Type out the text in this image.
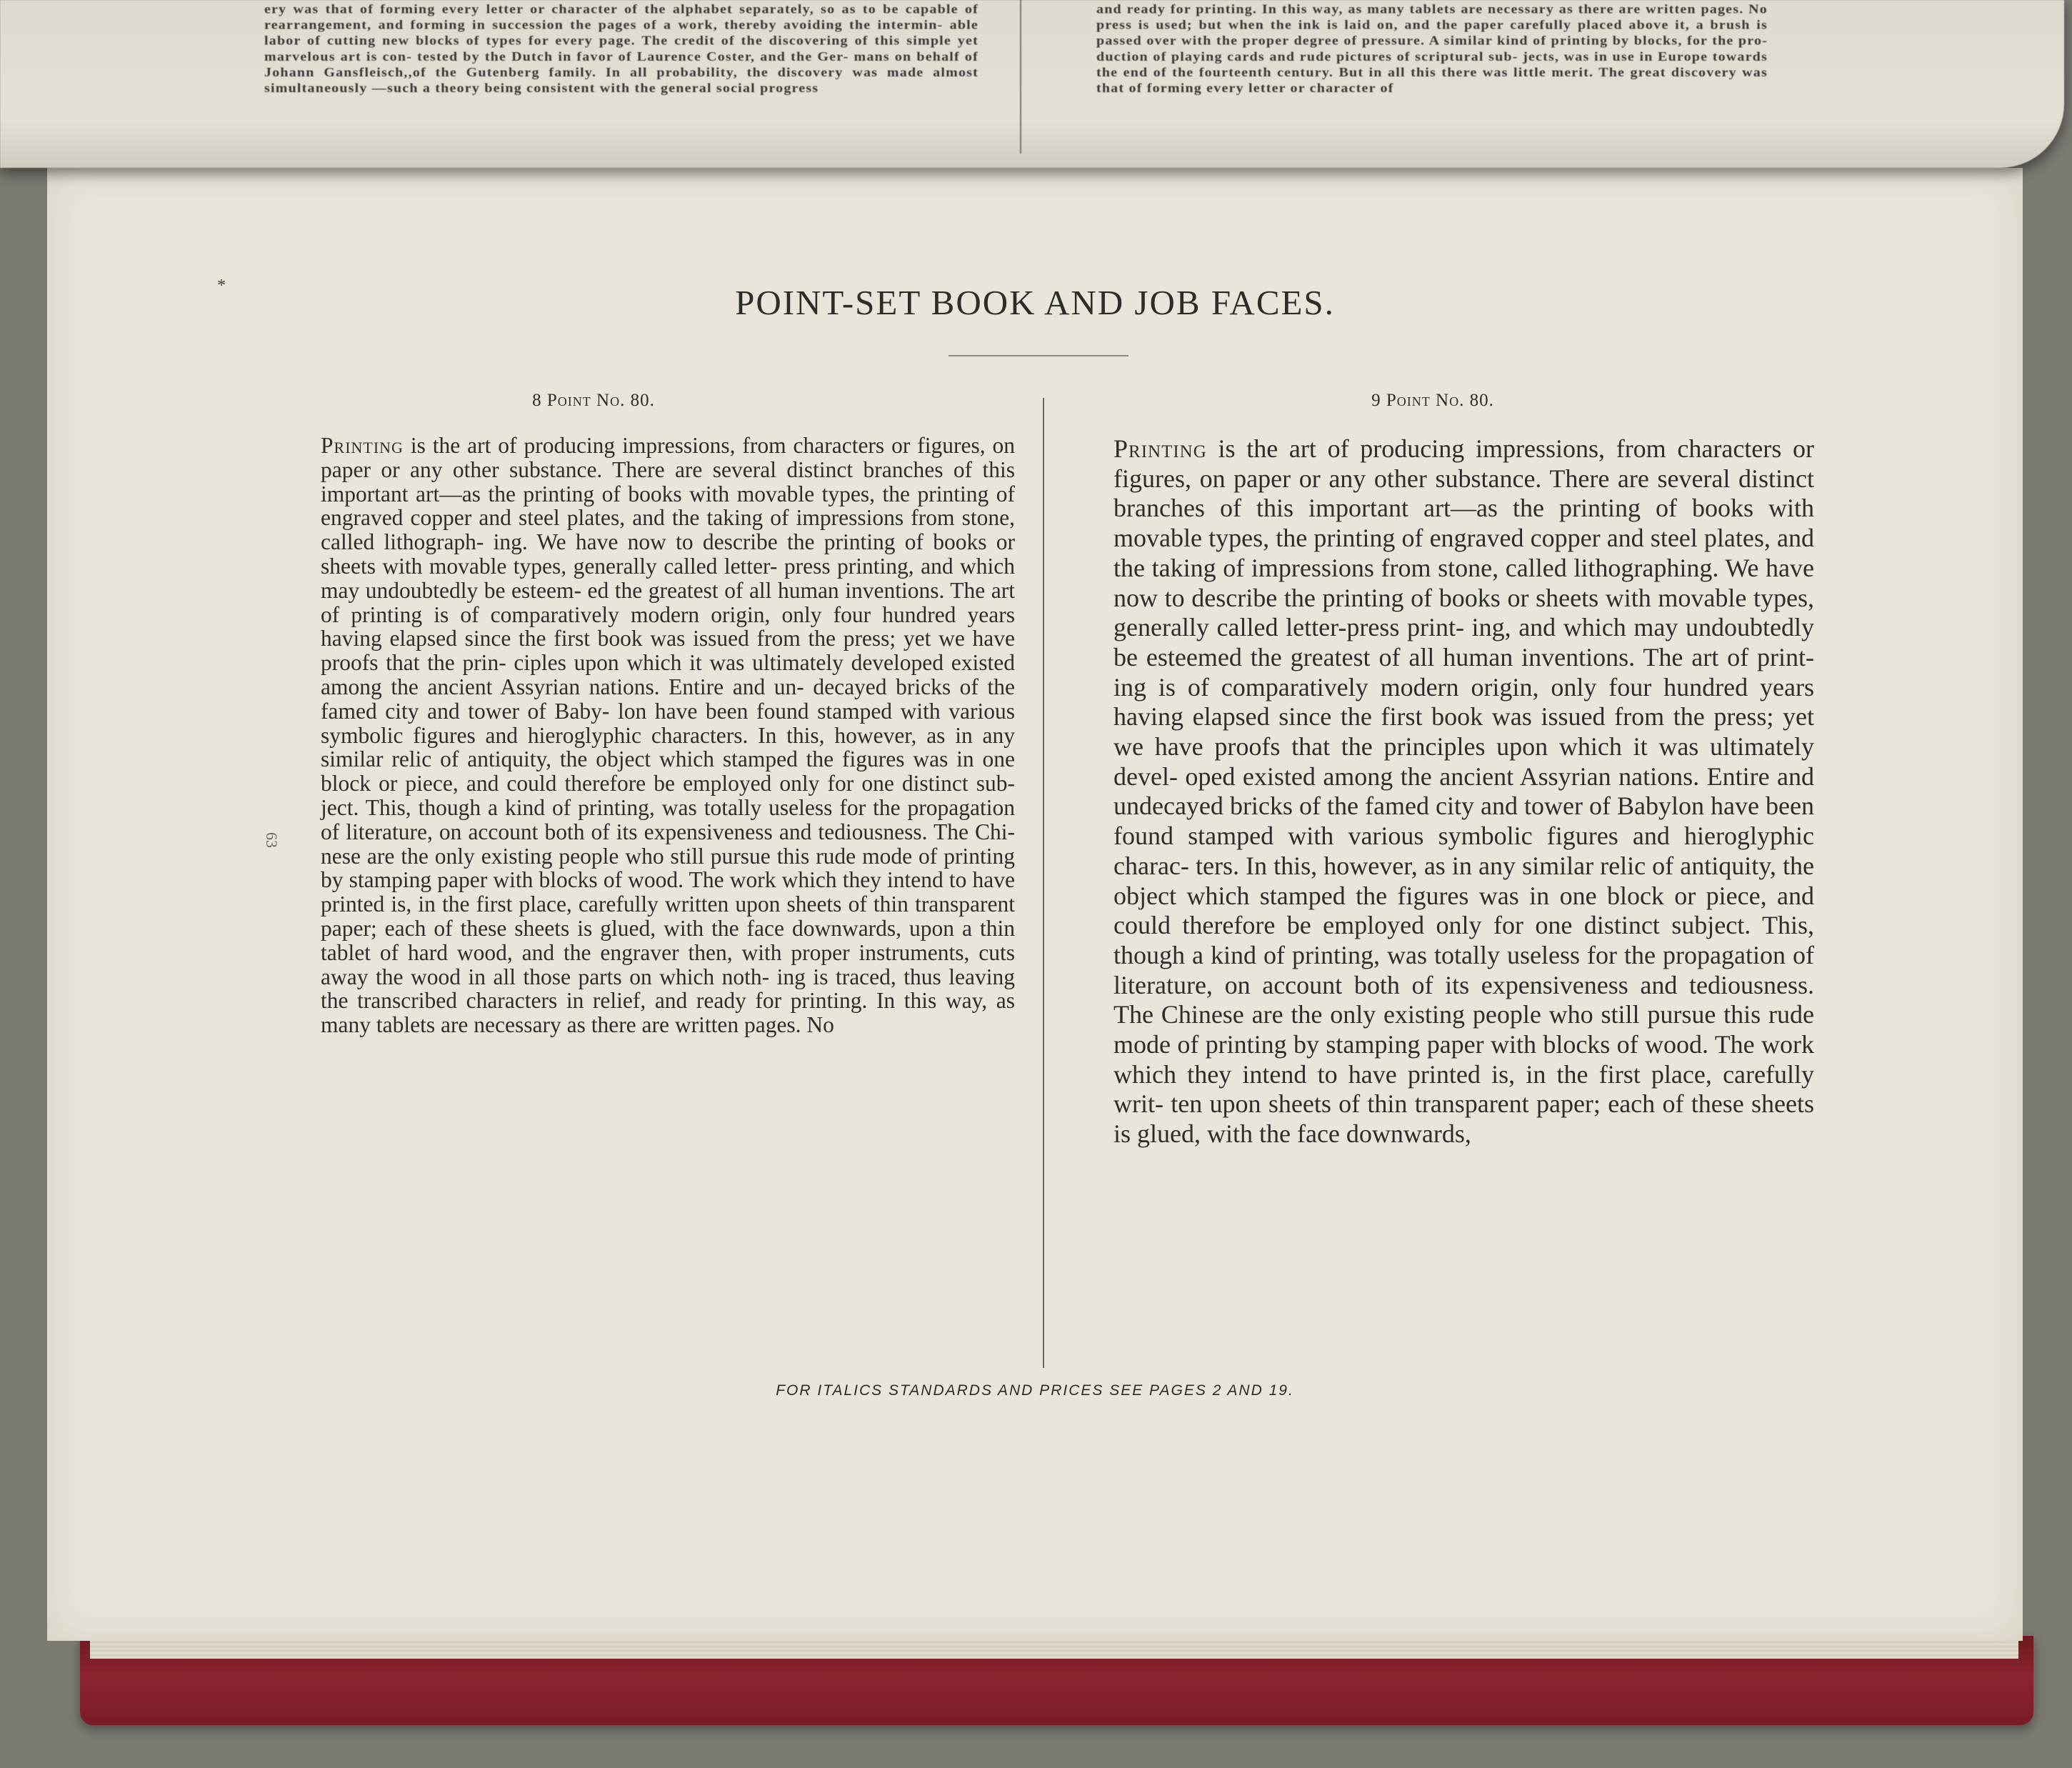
*	POINT-SET BOOK AND JOB FACES.
8 Point No. 80.	9 Point No. 80.

Printing is the art of producing impressions, from characters or figures, on paper or any other substance. There are several distinct branches of this important art—as the printing of books with movable types, the printing of engraved copper and steel plates, and the taking of impressions from stone, called lithograph- ing. We have now to describe the printing of books or sheets with movable types, generally called letter- press printing, and which may undoubtedly be esteem- ed the greatest of all human inventions. The art of printing is of comparatively modern origin, only four hundred years having elapsed since the first book was issued from the press; yet we have proofs that the prin- ciples upon which it was ultimately developed existed among the ancient Assyrian nations. Entire and un- decayed bricks of the famed city and tower of Baby- lon have been found stamped with various symbolic figures and hieroglyphic characters. In this, however, as in any similar relic of antiquity, the object which stamped the figures was in one block or piece, and could therefore be employed only for one distinct sub- ject. This, though a kind of printing, was totally useless for the propagation of literature, on account both of its expensiveness and tediousness. The Chi- nese are the only existing people who still pursue this rude mode of printing by stamping paper with blocks of wood. The work which they intend to have printed is, in the first place, carefully written upon sheets of thin transparent paper; each of these sheets is glued, with the face downwards, upon a thin tablet of hard wood, and the engraver then, with proper instruments, cuts away the wood in all those parts on which noth- ing is traced, thus leaving the transcribed characters in relief, and ready for printing. In this way, as many tablets are necessary as there are written pages. No

Printing is the art of producing impressions, from characters or figures, on paper or any other substance. There are several distinct branches of this important art—as the printing of books with movable types, the printing of engraved copper and steel plates, and the taking of impressions from stone, called lithographing. We have now to describe the printing of books or sheets with movable types, generally called letter-press print- ing, and which may undoubtedly be esteemed the greatest of all human inventions. The art of print- ing is of comparatively modern origin, only four hundred years having elapsed since the first book was issued from the press; yet we have proofs that the principles upon which it was ultimately devel- oped existed among the ancient Assyrian nations. Entire and undecayed bricks of the famed city and tower of Babylon have been found stamped with various symbolic figures and hieroglyphic charac- ters. In this, however, as in any similar relic of antiquity, the object which stamped the figures was in one block or piece, and could therefore be employed only for one distinct subject. This, though a kind of printing, was totally useless for the propagation of literature, on account both of its expensiveness and tediousness. The Chinese are the only existing people who still pursue this rude mode of printing by stamping paper with blocks of wood. The work which they intend to have printed is, in the first place, carefully writ- ten upon sheets of thin transparent paper; each of these sheets is glued, with the face downwards,

63

FOR ITALICS STANDARDS AND PRICES SEE PAGES 2 AND 19.

ery was that of forming every letter or character of the alphabet separately, so as to be capable of rearrangement, and forming in succession the pages of a work, thereby avoiding the intermin- able labor of cutting new blocks of types for every page. The credit of the discovering of this simple yet marvelous art is con- tested by the Dutch in favor of Laurence Coster, and the Ger- mans on behalf of Johann Gansfleisch,,of the Gutenberg family. In all probability, the discovery was made almost simultaneously —such a theory being consistent with the general social progress
and ready for printing. In this way, as many tablets are necessary as there are written pages. No press is used; but when the ink is laid on, and the paper carefully placed above it, a brush is passed over with the proper degree of pressure. A similar kind of printing by blocks, for the pro- duction of playing cards and rude pictures of scriptural sub- jects, was in use in Europe towards the end of the fourteenth century. But in all this there was little merit. The great discovery was that of forming every letter or character of
